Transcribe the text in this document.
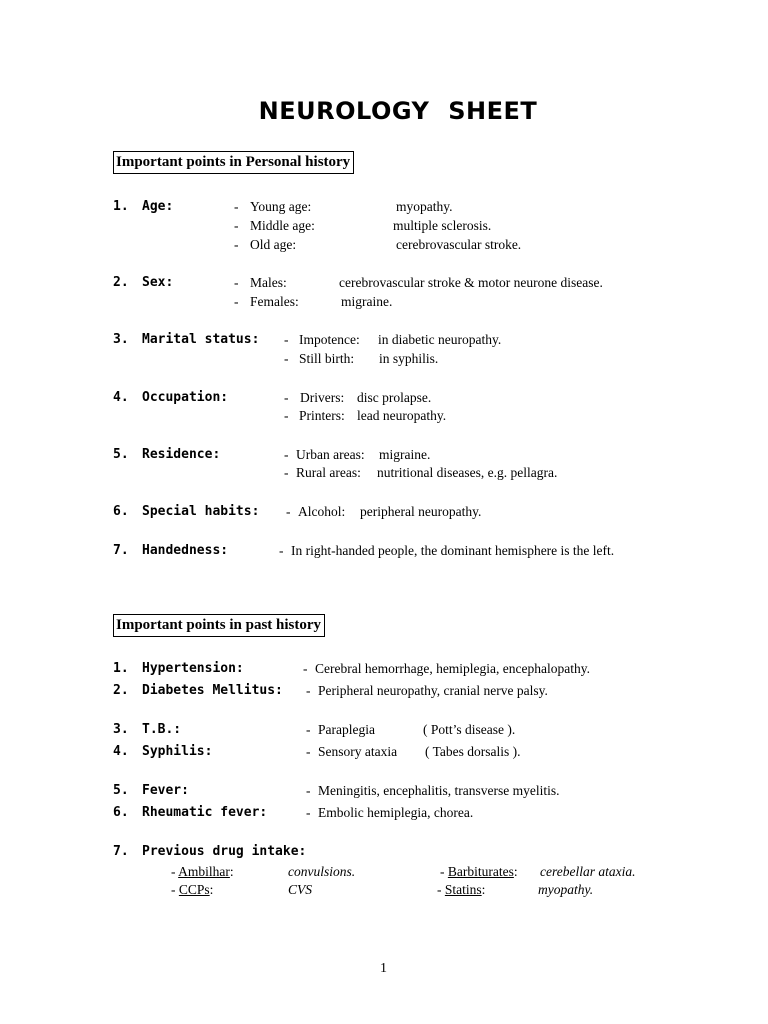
NEUROLOGY SHEET
Important points in Personal history
1. Age:	- Young age:	myopathy.
- Middle age:	multiple sclerosis.
- Old age:	cerebrovascular stroke.
2. Sex:	- Males:	cerebrovascular stroke & motor neurone disease.
- Females:	migraine.
3. Marital status: - Impotence: in diabetic neuropathy.
- Still birth: in syphilis.
4. Occupation:	- Drivers: disc prolapse.
- Printers: lead neuropathy.
5. Residence:	- Urban areas: migraine.
- Rural areas: nutritional diseases, e.g. pellagra.
6. Special habits: - Alcohol: peripheral neuropathy.
7. Handedness:	- In right-handed people, the dominant hemisphere is the left.
Important points in past history
1. Hypertension:	- Cerebral hemorrhage, hemiplegia, encephalopathy.
2. Diabetes Mellitus: - Peripheral neuropathy, cranial nerve palsy.
3. T.B.:	- Paraplegia	( Pott’s disease ).
4. Syphilis:	- Sensory ataxia ( Tabes dorsalis ).
5. Fever:	- Meningitis, encephalitis, transverse myelitis.
6. Rheumatic fever:	- Embolic hemiplegia, chorea.
7. Previous drug intake:
- Ambilhar:	convulsions.	- Barbiturates: cerebellar ataxia.
- CCPs:	CVS	- Statins:	myopathy.
1
